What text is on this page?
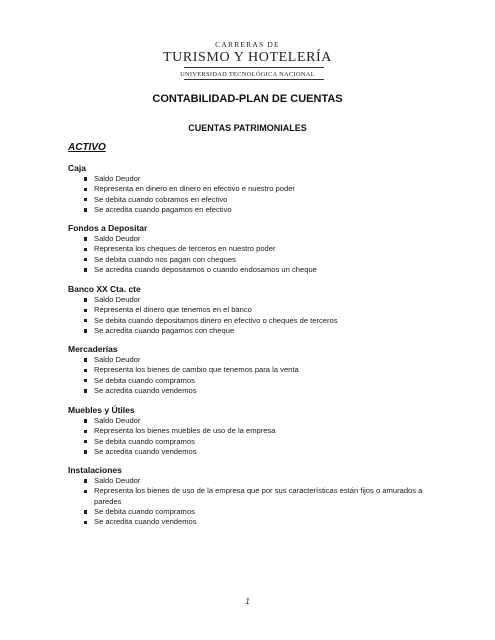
CARRERAS DE
TURISMO Y HOTELERÍA
UNIVERSIDAD TECNOLÓGICA NACIONAL
CONTABILIDAD-PLAN DE CUENTAS
CUENTAS PATRIMONIALES
ACTIVO
Caja
Saldo Deudor
Representa en dinero en dinero en efectivo e nuestro poder
Se debita cuando cobramos en efectivo
Se acredita cuando pagamos en efectivo
Fondos a Depositar
Saldo Deudor
Representa los cheques de terceros en nuestro poder
Se debita cuando nos pagan con cheques
Se acredita cuando depositamos o cuando endosamos un cheque
Banco XX Cta. cte
Saldo Deudor
Representa el dinero que tenemos en el banco
Se debita cuando depositamos dinero en efectivo o cheques de terceros
Se acredita cuando pagamos con cheque
Mercaderías
Saldo Deudor
Representa los bienes de cambio que tenemos para la venta
Se debita cuando compramos
Se acredita cuando vendemos
Muebles y Útiles
Saldo Deudor
Representa los bienes muebles de uso de la empresa
Se debita cuando compramos
Se acredita cuando vendemos
Instalaciones
Saldo Deudor
Representa los bienes de uso de la empresa que por sus características están fijos o amurados a paredes
Se debita cuando compramos
Se acredita cuando vendemos
1
